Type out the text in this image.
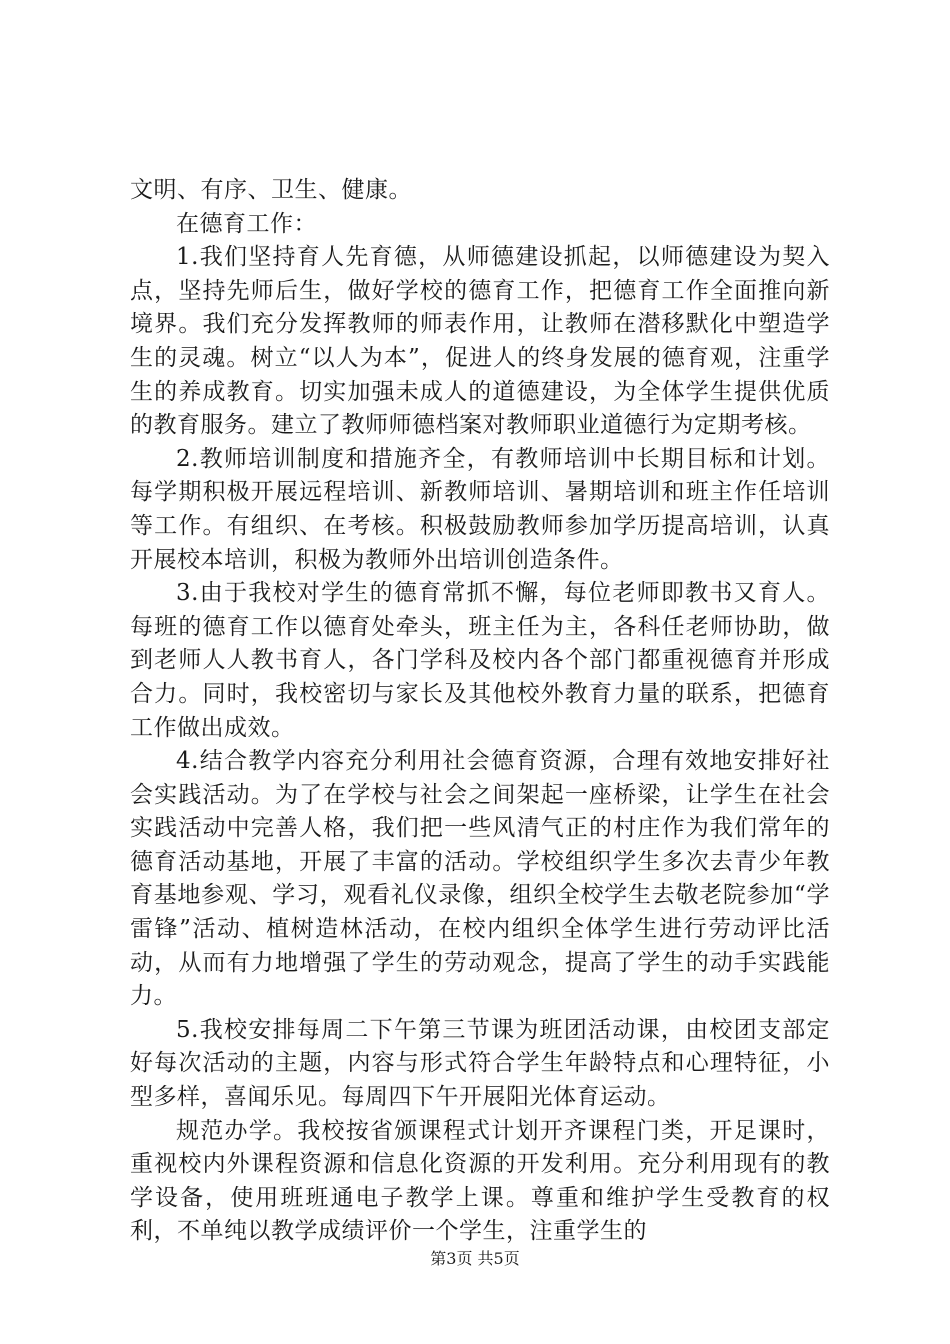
文明、有序、卫生、健康。

在德育工作：

1.我们坚持育人先育德，从师德建设抓起，以师德建设为契入点，坚持先师后生，做好学校的德育工作，把德育工作全面推向新境界。我们充分发挥教师的师表作用，让教师在潜移默化中塑造学生的灵魂。树立“以人为本”，促进人的终身发展的德育观，注重学生的养成教育。切实加强未成人的道德建设，为全体学生提供优质的教育服务。建立了教师师德档案对教师职业道德行为定期考核。

2.教师培训制度和措施齐全，有教师培训中长期目标和计划。每学期积极开展远程培训、新教师培训、暑期培训和班主作任培训等工作。有组织、在考核。积极鼓励教师参加学历提高培训，认真开展校本培训，积极为教师外出培训创造条件。

3.由于我校对学生的德育常抓不懈，每位老师即教书又育人。每班的德育工作以德育处牵头，班主任为主，各科任老师协助，做到老师人人教书育人，各门学科及校内各个部门都重视德育并形成合力。同时，我校密切与家长及其他校外教育力量的联系，把德育工作做出成效。

4.结合教学内容充分利用社会德育资源，合理有效地安排好社会实践活动。为了在学校与社会之间架起一座桥梁，让学生在社会实践活动中完善人格，我们把一些风清气正的村庄作为我们常年的德育活动基地，开展了丰富的活动。学校组织学生多次去青少年教育基地参观、学习，观看礼仪录像，组织全校学生去敬老院参加“学雷锋”活动、植树造林活动，在校内组织全体学生进行劳动评比活动，从而有力地增强了学生的劳动观念，提高了学生的动手实践能力。

5.我校安排每周二下午第三节课为班团活动课，由校团支部定好每次活动的主题，内容与形式符合学生年龄特点和心理特征，小型多样，喜闻乐见。每周四下午开展阳光体育运动。

规范办学。我校按省颁课程式计划开齐课程门类，开足课时，重视校内外课程资源和信息化资源的开发利用。充分利用现有的教学设备，使用班班通电子教学上课。尊重和维护学生受教育的权利，不单纯以教学成绩评价一个学生，注重学生的

第3页 共5页
